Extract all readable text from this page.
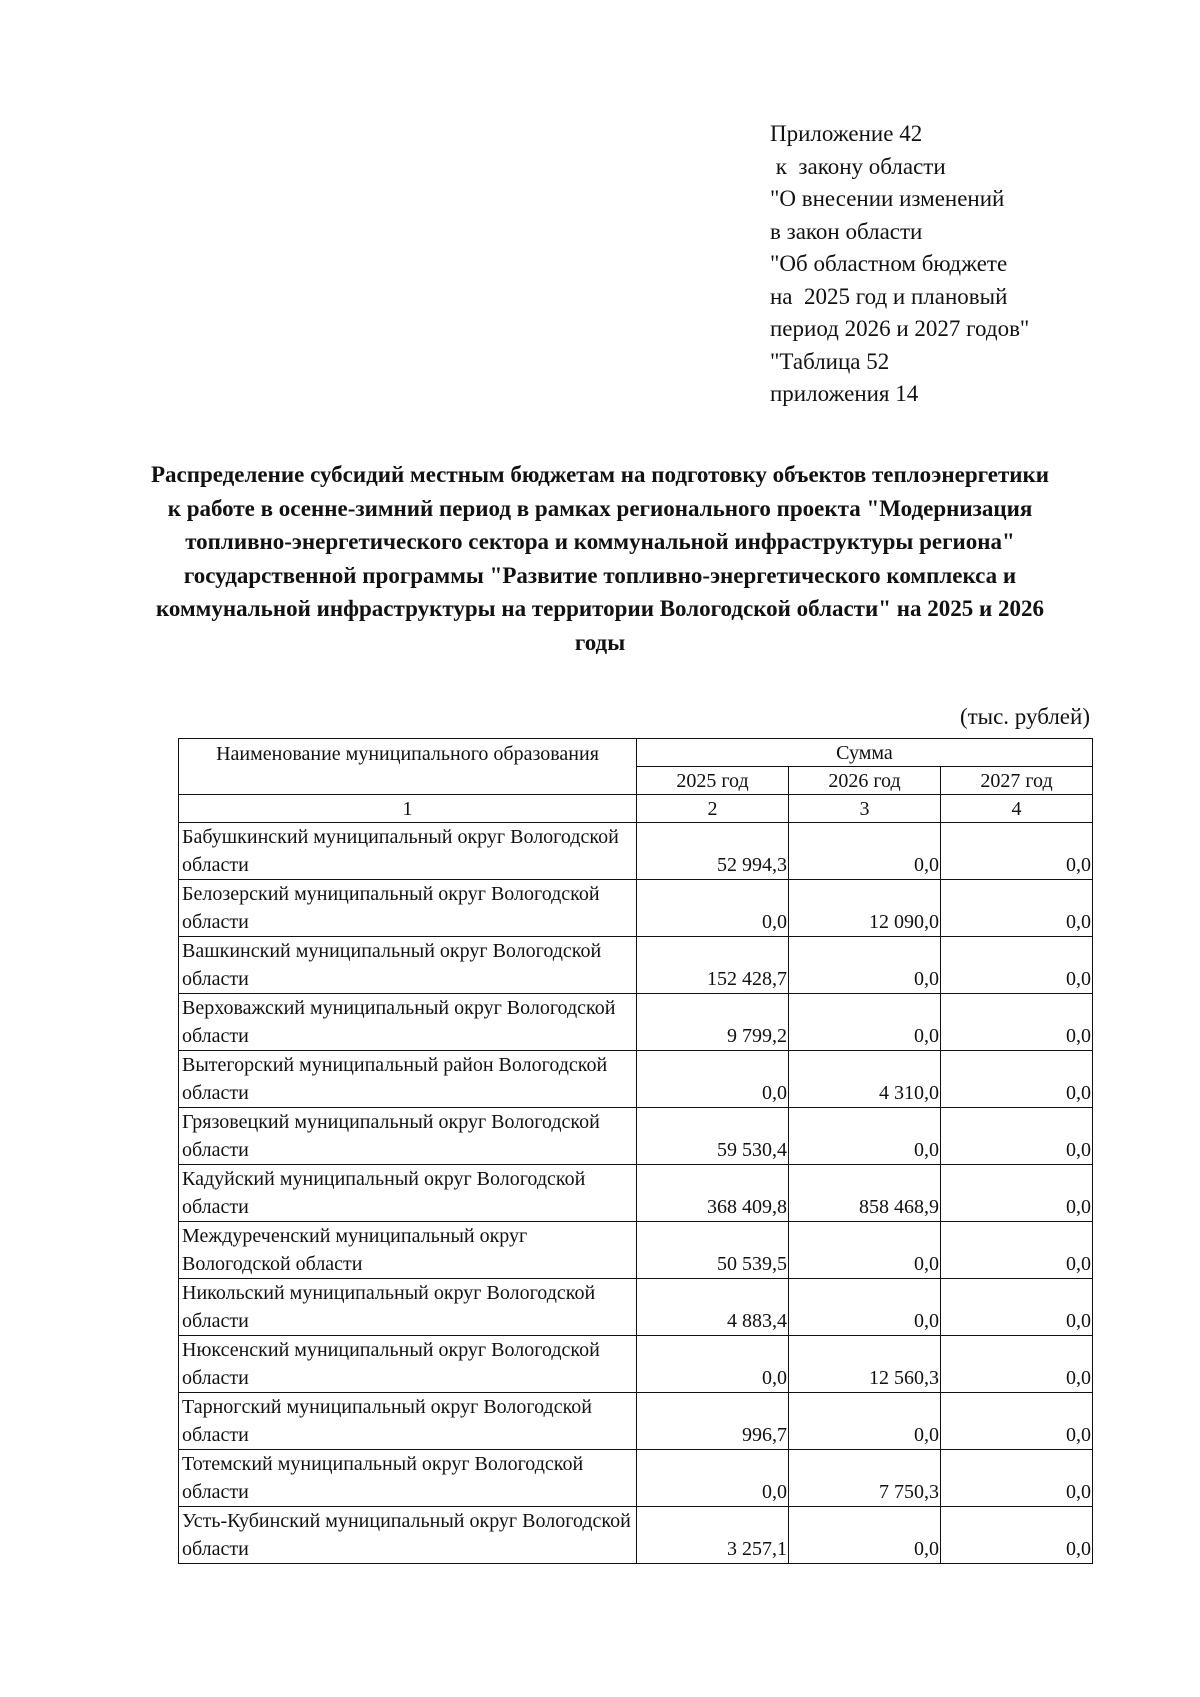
Приложение 42
к  закону области
"О внесении изменений
в закон области
"Об областном бюджете
на  2025 год и плановый
период 2026 и 2027 годов"
"Таблица 52
приложения 14
Распределение субсидий местным бюджетам на подготовку объектов теплоэнергетики к работе в осенне-зимний период в рамках регионального проекта "Модернизация топливно-энергетического сектора и коммунальной инфраструктуры региона" государственной программы "Развитие топливно-энергетического комплекса и коммунальной инфраструктуры на территории Вологодской области" на 2025 и 2026 годы
(тыс. рублей)
Наименование муниципального образования	Сумма		
	2025 год	2026 год	2027 год
1	2	3	4
Бабушкинский муниципальный округ Вологодской области	52 994,3	0,0	0,0
Белозерский муниципальный округ Вологодской области	0,0	12 090,0	0,0
Вашкинский муниципальный округ Вологодской области	152 428,7	0,0	0,0
Верховажский муниципальный округ Вологодской области	9 799,2	0,0	0,0
Вытегорский муниципальный район Вологодской области	0,0	4 310,0	0,0
Грязовецкий муниципальный округ Вологодской области	59 530,4	0,0	0,0
Кадуйский муниципальный округ Вологодской области	368 409,8	858 468,9	0,0
Междуреченский муниципальный округ Вологодской области	50 539,5	0,0	0,0
Никольский муниципальный округ Вологодской области	4 883,4	0,0	0,0
Нюксенский муниципальный округ Вологодской области	0,0	12 560,3	0,0
Тарногский муниципальный округ Вологодской области	996,7	0,0	0,0
Тотемский муниципальный округ Вологодской области	0,0	7 750,3	0,0
Усть-Кубинский муниципальный округ Вологодской области	3 257,1	0,0	0,0
